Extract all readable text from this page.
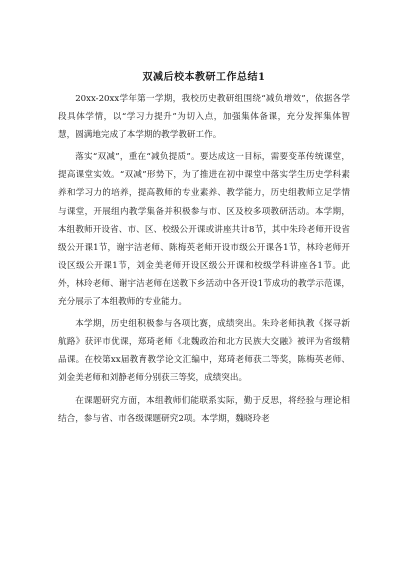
双减后校本教研工作总结1

20xx-20xx学年第一学期，我校历史教研组围绕“减负增效”，依据各学段具体学情，以“学习力提升”为切入点，加强集体备课，充分发挥集体智慧，圆满地完成了本学期的教学教研工作。

落实“双减”，重在“减负提质”。要达成这一目标，需要变革传统课堂，提高课堂实效。“双减”形势下，为了推进在初中课堂中落实学生历史学科素养和学习力的培养，提高教师的专业素养、教学能力，历史组教师立足学情与课堂，开展组内教学集备并积极参与市、区及校多项教研活动。本学期，本组教师开设省、市、区、校级公开课或讲座共计8节，其中朱玲老师开设省级公开课1节，谢宇洁老师、陈梅英老师开设市级公开课各1节，林玲老师开设区级公开课1节，刘金美老师开设区级公开课和校级学科讲座各1节。此外，林玲老师、谢宇洁老师在送教下乡活动中各开设1节成功的教学示范课，充分展示了本组教师的专业能力。

本学期，历史组积极参与各项比赛，成绩突出。朱玲老师执教《探寻新航路》获评市优课，郑琦老师《北魏政治和北方民族大交融》被评为省级精品课。在校第xx届教育教学论文汇编中，郑琦老师获二等奖，陈梅英老师、刘金美老师和刘静老师分别获三等奖，成绩突出。

在课题研究方面，本组教师们能联系实际，勤于反思，将经验与理论相结合，参与省、市各级课题研究2项。本学期，魏晓玲老
